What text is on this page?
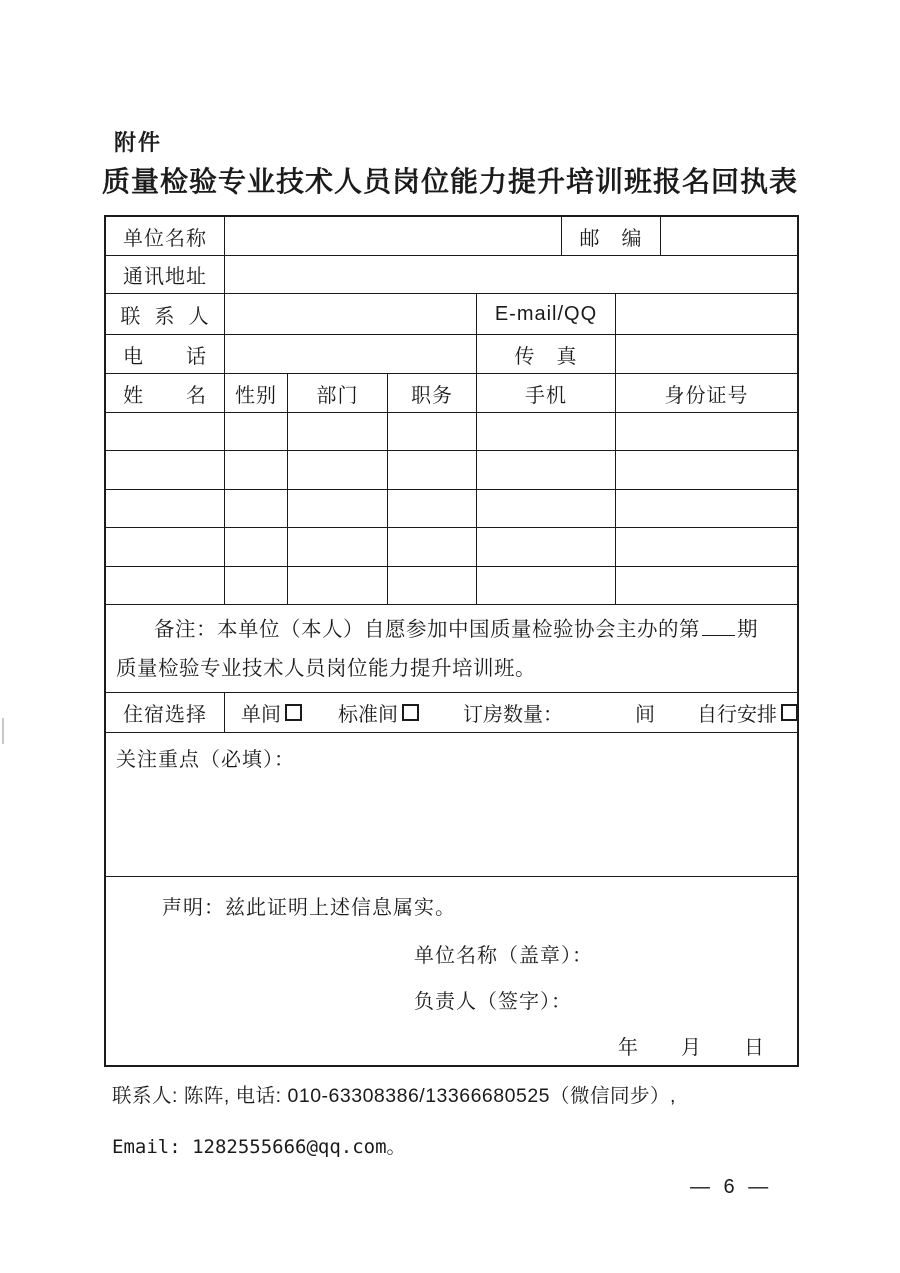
附件
质量检验专业技术人员岗位能力提升培训班报名回执表
单位名称	邮　编
通讯地址
联  系  人	E-mail/QQ
电　　话	传　真
姓　　名 性别 部门	职务	手机	身份证号
备注：本单位（本人）自愿参加中国质量检验协会主办的第 期
质量检验专业技术人员岗位能力提升培训班。
住宿选择 单间	标准间	订房数量：	间 自行安排
关注重点（必填）：
声明：兹此证明上述信息属实。
单位名称（盖章）：
负责人（签字）：
年　　月　　日
联系人: 陈阵, 电话: 010-63308386/13366680525（微信同步）,
Email: 1282555666@qq.com。
— 6 —
